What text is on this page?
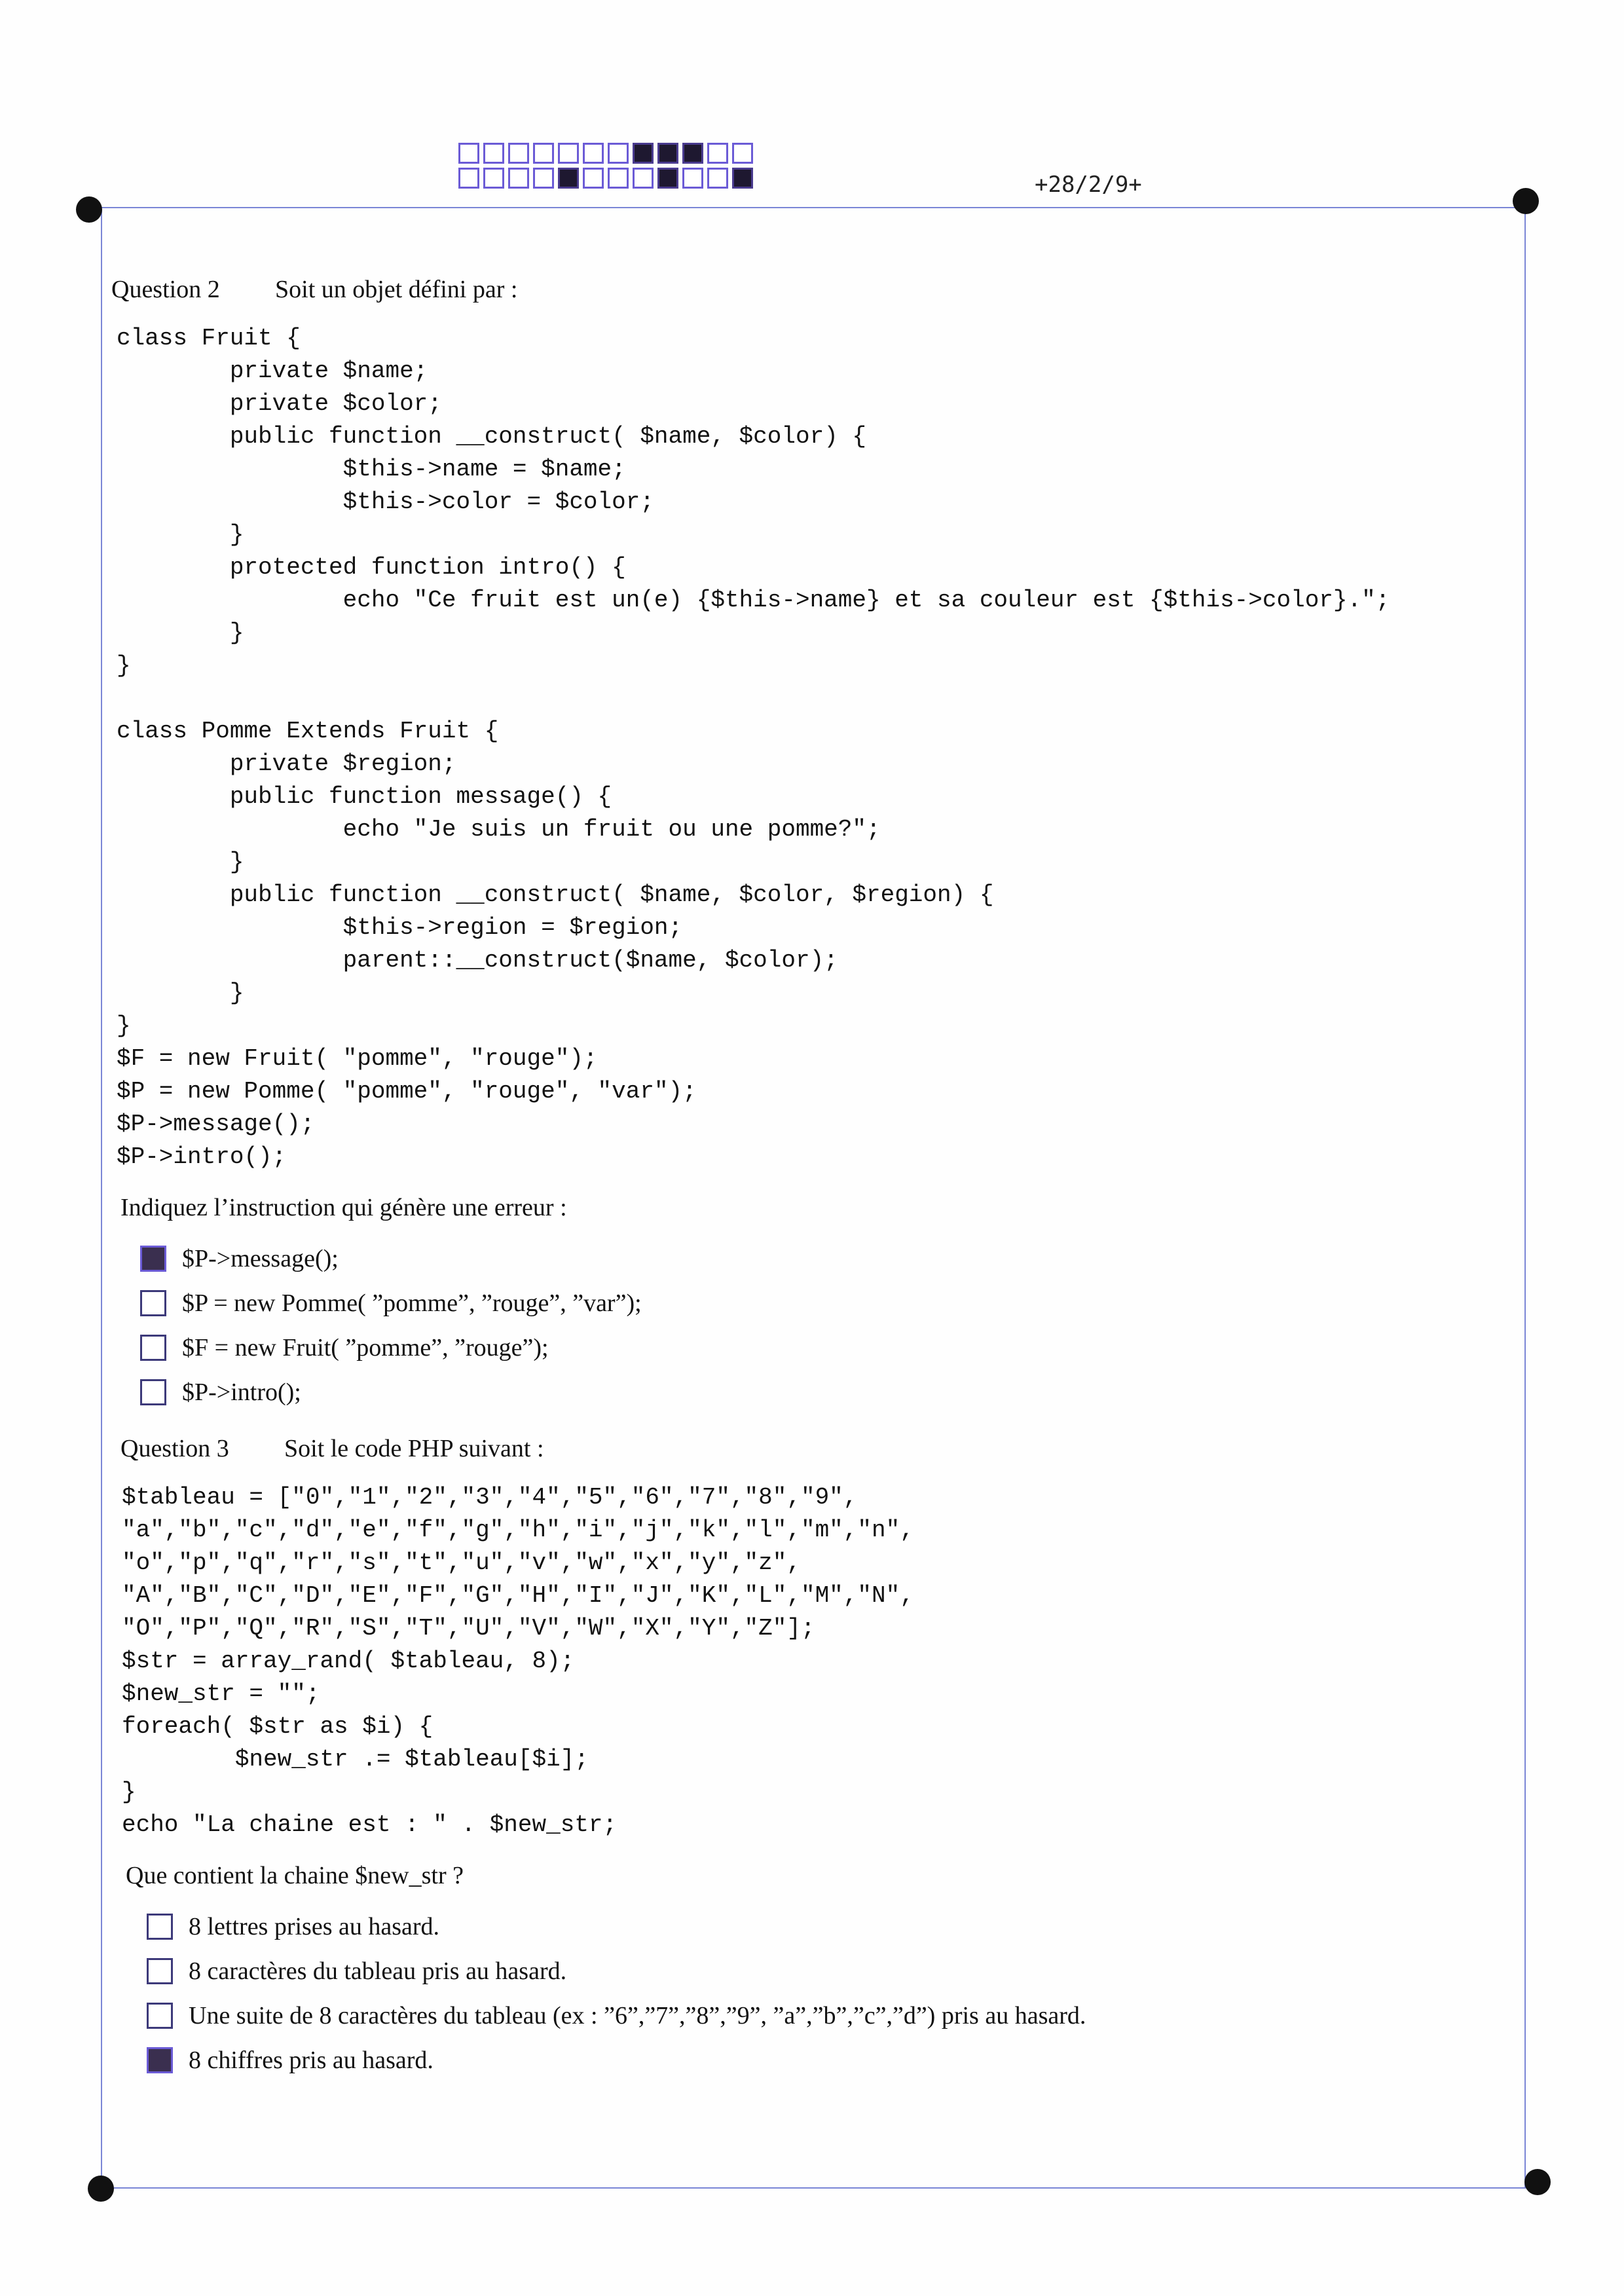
+28/2/9+
Question 2	Soit un objet défini par :
class Fruit {
private $name;
private $color;
public function __construct( $name, $color) {
$this->name = $name;
$this->color = $color;
}
protected function intro() {
echo "Ce fruit est un(e) {$this->name} et sa couleur est {$this->color}.";
}
}

class Pomme Extends Fruit {
private $region;
public function message() {
echo "Je suis un fruit ou une pomme?";
}
public function __construct( $name, $color, $region) {
$this->region = $region;
parent::__construct($name, $color);
}
}
$F = new Fruit( "pomme", "rouge");
$P = new Pomme( "pomme", "rouge", "var");
$P->message();
$P->intro();
Indiquez l’instruction qui génère une erreur :
$P->message();
$P = new Pomme( ”pomme”, ”rouge”, ”var”);
$F = new Fruit( ”pomme”, ”rouge”);
$P->intro();
Question 3	Soit le code PHP suivant :
$tableau = ["0","1","2","3","4","5","6","7","8","9",
"a","b","c","d","e","f","g","h","i","j","k","l","m","n",
"o","p","q","r","s","t","u","v","w","x","y","z",
"A","B","C","D","E","F","G","H","I","J","K","L","M","N",
"O","P","Q","R","S","T","U","V","W","X","Y","Z"];
$str = array_rand( $tableau, 8);
$new_str = "";
foreach( $str as $i) {
$new_str .= $tableau[$i];
}
echo "La chaine est : " . $new_str;
Que contient la chaine $new_str ?
8 lettres prises au hasard.
8 caractères du tableau pris au hasard.
Une suite de 8 caractères du tableau (ex : ”6”,”7”,”8”,”9”, ”a”,”b”,”c”,”d”) pris au hasard.
8 chiffres pris au hasard.
